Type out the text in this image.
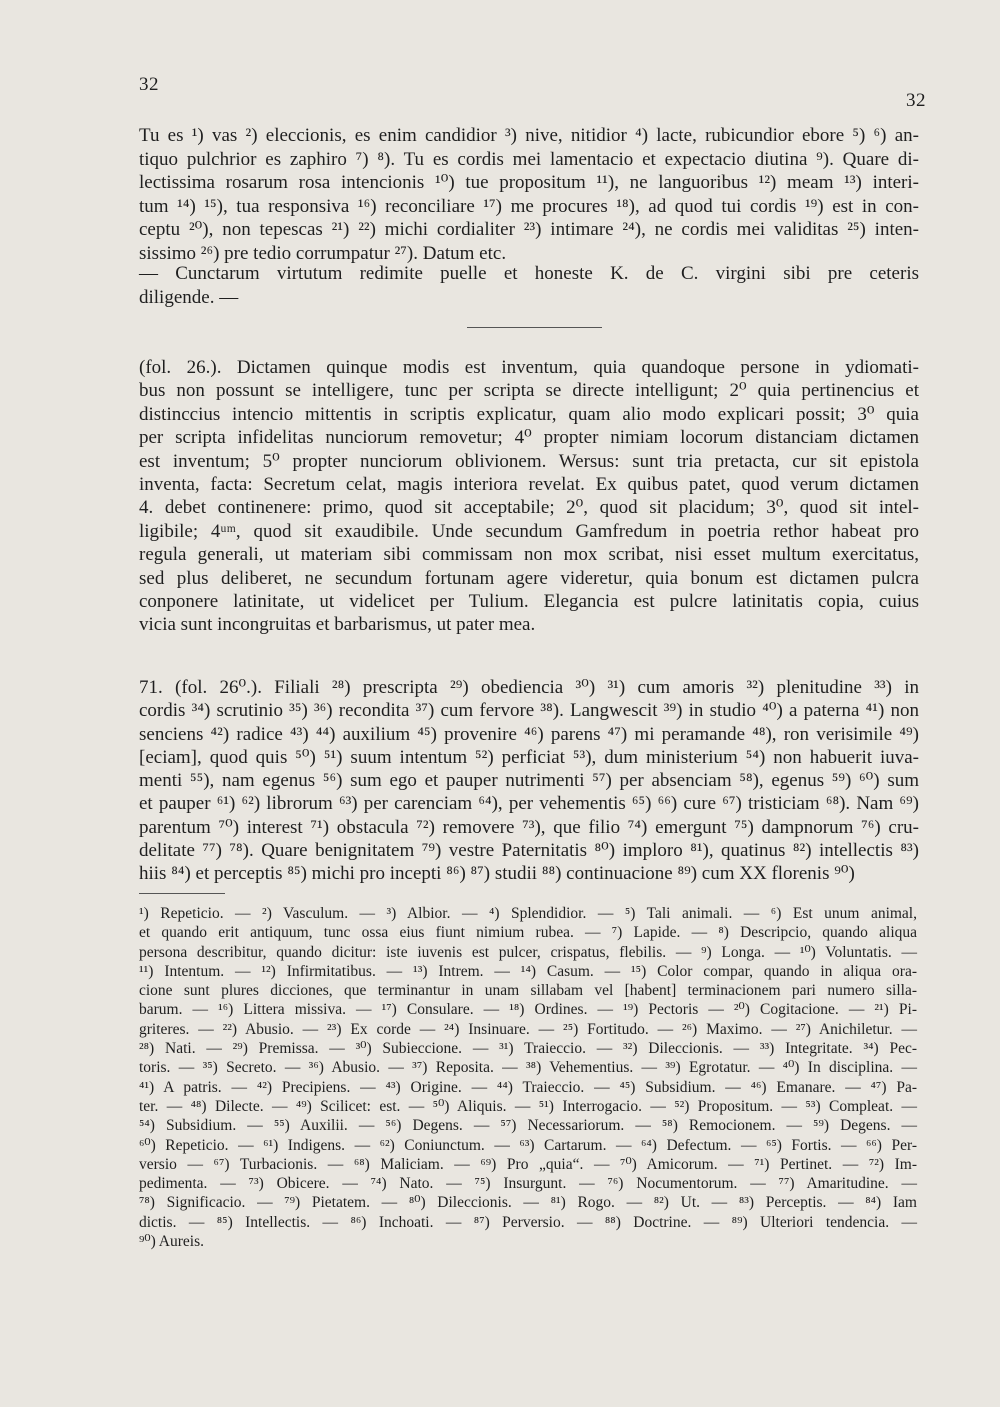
32
32
Tu es ¹) vas ²) eleccionis, es enim candidior ³) nive, nitidior ⁴) lacte, rubicundior ebore ⁵) ⁶) an-
tiquo pulchrior es zaphiro ⁷) ⁸). Tu es cordis mei lamentacio et expectacio diutina ⁹). Quare di-
lectissima rosarum rosa intencionis ¹⁰) tue propositum ¹¹), ne languoribus ¹²) meam ¹³) interi-
tum ¹⁴) ¹⁵), tua responsiva ¹⁶) reconciliare ¹⁷) me procures ¹⁸), ad quod tui cordis ¹⁹) est in con-
ceptu ²⁰), non tepescas ²¹) ²²) michi cordialiter ²³) intimare ²⁴), ne cordis mei validitas ²⁵) inten-
sissimo ²⁶) pre tedio corrumpatur ²⁷). Datum etc.
— Cunctarum virtutum redimite puelle et honeste K. de C. virgini sibi pre ceteris
diligende. —
(fol. 26.). Dictamen quinque modis est inventum, quia quandoque persone in ydiomati-
bus non possunt se intelligere, tunc per scripta se directe intelligunt; 2⁰ quia pertinencius et
distinccius intencio mittentis in scriptis explicatur, quam alio modo explicari possit; 3⁰ quia
per scripta infidelitas nunciorum removetur; 4⁰ propter nimiam locorum distanciam dictamen
est inventum; 5⁰ propter nunciorum oblivionem. Wersus: sunt tria pretacta, cur sit epistola
inventa, facta: Secretum celat, magis interiora revelat. Ex quibus patet, quod verum dictamen
4. debet continenere: primo, quod sit acceptabile; 2⁰, quod sit placidum; 3⁰, quod sit intel-
ligibile; 4ᵘᵐ, quod sit exaudibile. Unde secundum Gamfredum in poetria rethor habeat pro
regula generali, ut materiam sibi commissam non mox scribat, nisi esset multum exercitatus,
sed plus deliberet, ne secundum fortunam agere videretur, quia bonum est dictamen pulcra
conponere latinitate, ut videlicet per Tulium. Elegancia est pulcre latinitatis copia, cuius
vicia sunt incongruitas et barbarismus, ut pater mea.
71. (fol. 26⁰.). Filiali ²⁸) prescripta ²⁹) obediencia ³⁰) ³¹) cum amoris ³²) plenitudine ³³) in
cordis ³⁴) scrutinio ³⁵) ³⁶) recondita ³⁷) cum fervore ³⁸). Langwescit ³⁹) in studio ⁴⁰) a paterna ⁴¹) non
senciens ⁴²) radice ⁴³) ⁴⁴) auxilium ⁴⁵) provenire ⁴⁶) parens ⁴⁷) mi peramande ⁴⁸), ron verisimile ⁴⁹)
[eciam], quod quis ⁵⁰) ⁵¹) suum intentum ⁵²) perficiat ⁵³), dum ministerium ⁵⁴) non habuerit iuva-
menti ⁵⁵), nam egenus ⁵⁶) sum ego et pauper nutrimenti ⁵⁷) per absenciam ⁵⁸), egenus ⁵⁹) ⁶⁰) sum
et pauper ⁶¹) ⁶²) librorum ⁶³) per carenciam ⁶⁴), per vehementis ⁶⁵) ⁶⁶) cure ⁶⁷) tristiciam ⁶⁸). Nam ⁶⁹)
parentum ⁷⁰) interest ⁷¹) obstacula ⁷²) removere ⁷³), que filio ⁷⁴) emergunt ⁷⁵) dampnorum ⁷⁶) cru-
delitate ⁷⁷) ⁷⁸). Quare benignitatem ⁷⁹) vestre Paternitatis ⁸⁰) imploro ⁸¹), quatinus ⁸²) intellectis ⁸³)
hiis ⁸⁴) et perceptis ⁸⁵) michi pro incepti ⁸⁶) ⁸⁷) studii ⁸⁸) continuacione ⁸⁹) cum XX florenis ⁹⁰)
¹) Repeticio. — ²) Vasculum. — ³) Albior. — ⁴) Splendidior. — ⁵) Tali animali. — ⁶) Est unum animal,
et quando erit antiquum, tunc ossa eius fiunt nimium rubea. — ⁷) Lapide. — ⁸) Descripcio, quando aliqua
persona describitur, quando dicitur: iste iuvenis est pulcer, crispatus, flebilis. — ⁹) Longa. — ¹⁰) Voluntatis. —
¹¹) Intentum. — ¹²) Infirmitatibus. — ¹³) Intrem. — ¹⁴) Casum. — ¹⁵) Color compar, quando in aliqua ora-
cione sunt plures dicciones, que terminantur in unam sillabam vel [habent] terminacionem pari numero silla-
barum. — ¹⁶) Littera missiva. — ¹⁷) Consulare. — ¹⁸) Ordines. — ¹⁹) Pectoris — ²⁰) Cogitacione. — ²¹) Pi-
griteres. — ²²) Abusio. — ²³) Ex corde — ²⁴) Insinuare. — ²⁵) Fortitudo. — ²⁶) Maximo. — ²⁷) Anichiletur. —
²⁸) Nati. — ²⁹) Premissa. — ³⁰) Subieccione. — ³¹) Traieccio. — ³²) Dileccionis. — ³³) Integritate. ³⁴) Pec-
toris. — ³⁵) Secreto. — ³⁶) Abusio. — ³⁷) Reposita. — ³⁸) Vehementius. — ³⁹) Egrotatur. — ⁴⁰) In disciplina. —
⁴¹) A patris. — ⁴²) Precipiens. — ⁴³) Origine. — ⁴⁴) Traieccio. — ⁴⁵) Subsidium. — ⁴⁶) Emanare. — ⁴⁷) Pa-
ter. — ⁴⁸) Dilecte. — ⁴⁹) Scilicet: est. — ⁵⁰) Aliquis. — ⁵¹) Interrogacio. — ⁵²) Propositum. — ⁵³) Compleat. —
⁵⁴) Subsidium. — ⁵⁵) Auxilii. — ⁵⁶) Degens. — ⁵⁷) Necessariorum. — ⁵⁸) Remocionem. — ⁵⁹) Degens. —
⁶⁰) Repeticio. — ⁶¹) Indigens. — ⁶²) Coniunctum. — ⁶³) Cartarum. — ⁶⁴) Defectum. — ⁶⁵) Fortis. — ⁶⁶) Per-
versio — ⁶⁷) Turbacionis. — ⁶⁸) Maliciam. — ⁶⁹) Pro „quia“. — ⁷⁰) Amicorum. — ⁷¹) Pertinet. — ⁷²) Im-
pedimenta. — ⁷³) Obicere. — ⁷⁴) Nato. — ⁷⁵) Insurgunt. — ⁷⁶) Nocumentorum. — ⁷⁷) Amaritudine. —
⁷⁸) Significacio. — ⁷⁹) Pietatem. — ⁸⁰) Dileccionis. — ⁸¹) Rogo. — ⁸²) Ut. — ⁸³) Perceptis. — ⁸⁴) Iam
dictis. — ⁸⁵) Intellectis. — ⁸⁶) Inchoati. — ⁸⁷) Perversio. — ⁸⁸) Doctrine. — ⁸⁹) Ulteriori tendencia. —
⁹⁰) Aureis.
